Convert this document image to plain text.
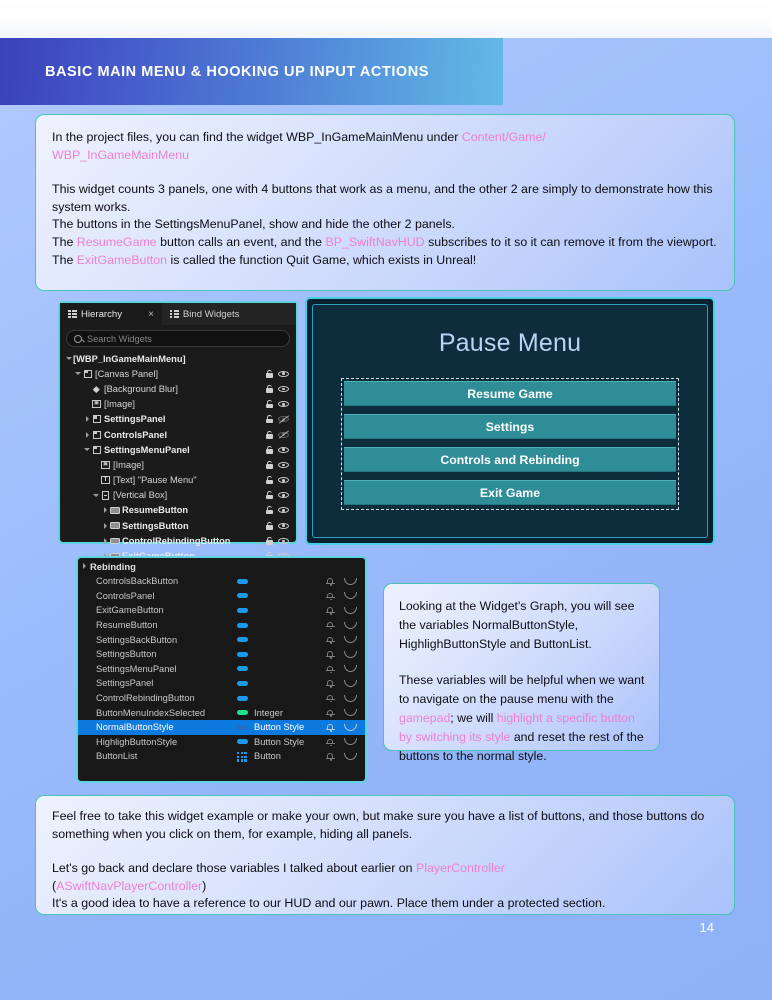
BASIC MAIN MENU & HOOKING UP INPUT ACTIONS

In the project files, you can find the widget WBP_InGameMainMenu under Content/Game/
WBP_InGameMainMenu

This widget counts 3 panels, one with 4 buttons that work as a menu, and the other 2 are simply to demonstrate how this system works.

The buttons in the SettingsMenuPanel, show and hide the other 2 panels.

The ResumeGame button calls an event, and the BP_SwiftNavHUD subscribes to it so it can remove it from the viewport.

The ExitGameButton is called the function Quit Game, which exists in Unreal!

Hierarchy	×	Bind Widgets
Search Widgets
[WBP_InGameMainMenu]
[Canvas Panel]
[Background Blur]
▣ [Image]
SettingsPanel
ControlsPanel
SettingsMenuPanel
▣ [Image]
T [Text] "Pause Menu"
[Vertical Box]
ResumeButton
SettingsButton
ControlRebindingButton
Pause Menu
Resume Game
Settings
Controls and Rebinding
Exit Game
Rebinding
ControlsBackButton
ControlsPanel
ExitGameButton
ResumeButton
SettingsBackButton
SettingsButton
SettingsMenuPanel
SettingsPanel
ControlRebindingButton
ButtonMenuIndexSelected	Integer
NormalButtonStyle	Button Style
HighlighButtonStyle	Button Style
ButtonList	Button

Looking at the Widget's Graph, you will see the variables NormalButtonStyle, HighlighButtonStyle and ButtonList.

These variables will be helpful when we want to navigate on the pause menu with the gamepad; we will highlight a specific button by switching its style and reset the rest of the buttons to the normal style.

Feel free to take this widget example or make your own, but make sure you have a list of buttons, and those buttons do something when you click on them, for example, hiding all panels.

Let's go back and declare those variables I talked about earlier on PlayerController

(ASwiftNavPlayerController)

It's a good idea to have a reference to our HUD and our pawn. Place them under a protected section.

14
